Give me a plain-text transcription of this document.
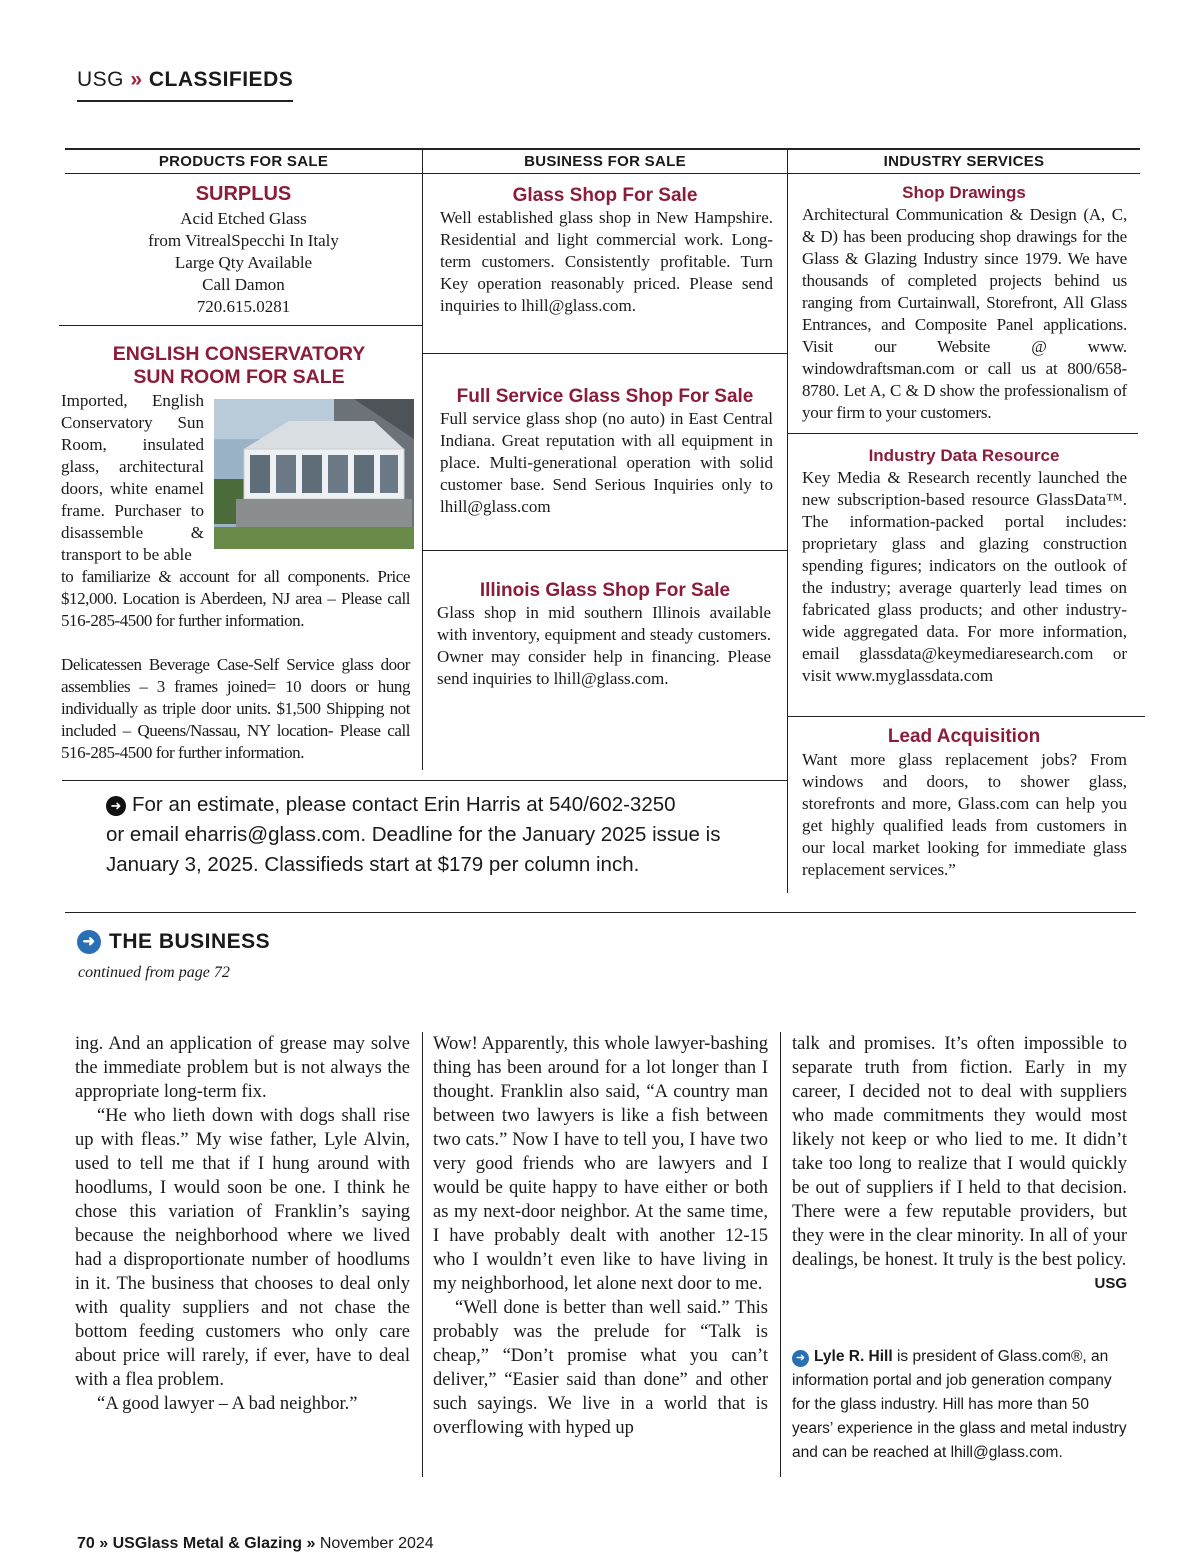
USG » CLASSIFIEDS
PRODUCTS FOR SALE	BUSINESS FOR SALE	INDUSTRY SERVICES
SURPLUS
Acid Etched Glass
from VitrealSpecchi In Italy
Large Qty Available
Call Damon
720.615.0281
ENGLISH CONSERVATORY
SUN ROOM FOR SALE
Imported, English Conservatory Sun Room, insulated glass, architectural doors, white enamel frame. Purchaser to disassemble & transport to be able
to familiarize & account for all components. Price $12,000. Location is Aberdeen, NJ area – Please call 516-285-4500 for further information.
Delicatessen Beverage Case-Self Service glass door assemblies – 3 frames joined= 10 doors or hung individually as triple door units. $1,500 Shipping not included – Queens/Nassau, NY location- Please call 516-285-4500 for further information.
Glass Shop For Sale
Well established glass shop in New Hampshire. Residential and light commercial work. Long-term customers. Consistently profitable. Turn Key operation reasonably priced. Please send inquiries to lhill@glass.com.
Full Service Glass Shop For Sale
Full service glass shop (no auto) in East Central Indiana. Great reputation with all equipment in place. Multi-generational operation with solid customer base. Send Serious Inquiries only to lhill@glass.com
Illinois Glass Shop For Sale
Glass shop in mid southern Illinois available with inventory, equipment and steady customers. Owner may consider help in financing. Please send inquiries to lhill@glass.com.
Shop Drawings
Architectural Communication & Design (A, C, & D) has been producing shop drawings for the Glass & Glazing Industry since 1979. We have thousands of completed projects behind us ranging from Curtainwall, Storefront, All Glass Entrances, and Composite Panel applications. Visit our Website @ www. windowdraftsman.com or call us at 800/658-8780. Let A, C & D show the professionalism of your firm to your customers.
Industry Data Resource
Key Media & Research recently launched the new subscription-based resource GlassData™. The information-packed portal includes: proprietary glass and glazing construction spending figures; indicators on the outlook of the industry; average quarterly lead times on fabricated glass products; and other industry-wide aggregated data. For more information, email glassdata@keymediaresearch.com or visit www.myglassdata.com
Lead Acquisition
Want more glass replacement jobs? From windows and doors, to shower glass, storefronts and more, Glass.com can help you get highly qualified leads from customers in our local market looking for immediate glass replacement services.”

➜ For an estimate, please contact Erin Harris at 540/602-3250

or email eharris@glass.com. Deadline for the January 2025 issue is

January 3, 2025. Classifieds start at $179 per column inch.

➜ THE BUSINESS
continued from page 72

ing. And an application of grease may solve the immediate problem but is not always the appropriate long-term fix.

“He who lieth down with dogs shall rise up with fleas.” My wise father, Lyle Alvin, used to tell me that if I hung around with hoodlums, I would soon be one. I think he chose this variation of Franklin’s saying because the neighborhood where we lived had a disproportionate number of hoodlums in it. The business that chooses to deal only with quality suppliers and not chase the bottom feeding customers who only care about price will rarely, if ever, have to deal with a flea problem.

“A good lawyer – A bad neighbor.”

Wow! Apparently, this whole lawyer-bashing thing has been around for a lot longer than I thought. Franklin also said, “A country man between two lawyers is like a fish between two cats.” Now I have to tell you, I have two very good friends who are lawyers and I would be quite happy to have either or both as my next-door neighbor. At the same time, I have probably dealt with another 12-15 who I wouldn’t even like to have living in my neighborhood, let alone next door to me.

“Well done is better than well said.” This probably was the prelude for “Talk is cheap,” “Don’t promise what you can’t deliver,” “Easier said than done” and other such sayings. We live in a world that is overflowing with hyped up

talk and promises. It’s often impossible to separate truth from fiction. Early in my career, I decided not to deal with suppliers who made commitments they would most likely not keep or who lied to me. It didn’t take too long to realize that I would quickly be out of suppliers if I held to that decision. There were a few reputable providers, but they were in the clear minority. In all of your dealings, be honest. It truly is the best policy.
USG

➜ Lyle R. Hill is president of Glass.com®, an information portal and job generation company for the glass industry. Hill has more than 50 years’ experience in the glass and metal industry and can be reached at lhill@glass.com.
70 » USGlass Metal & Glazing » November 2024
